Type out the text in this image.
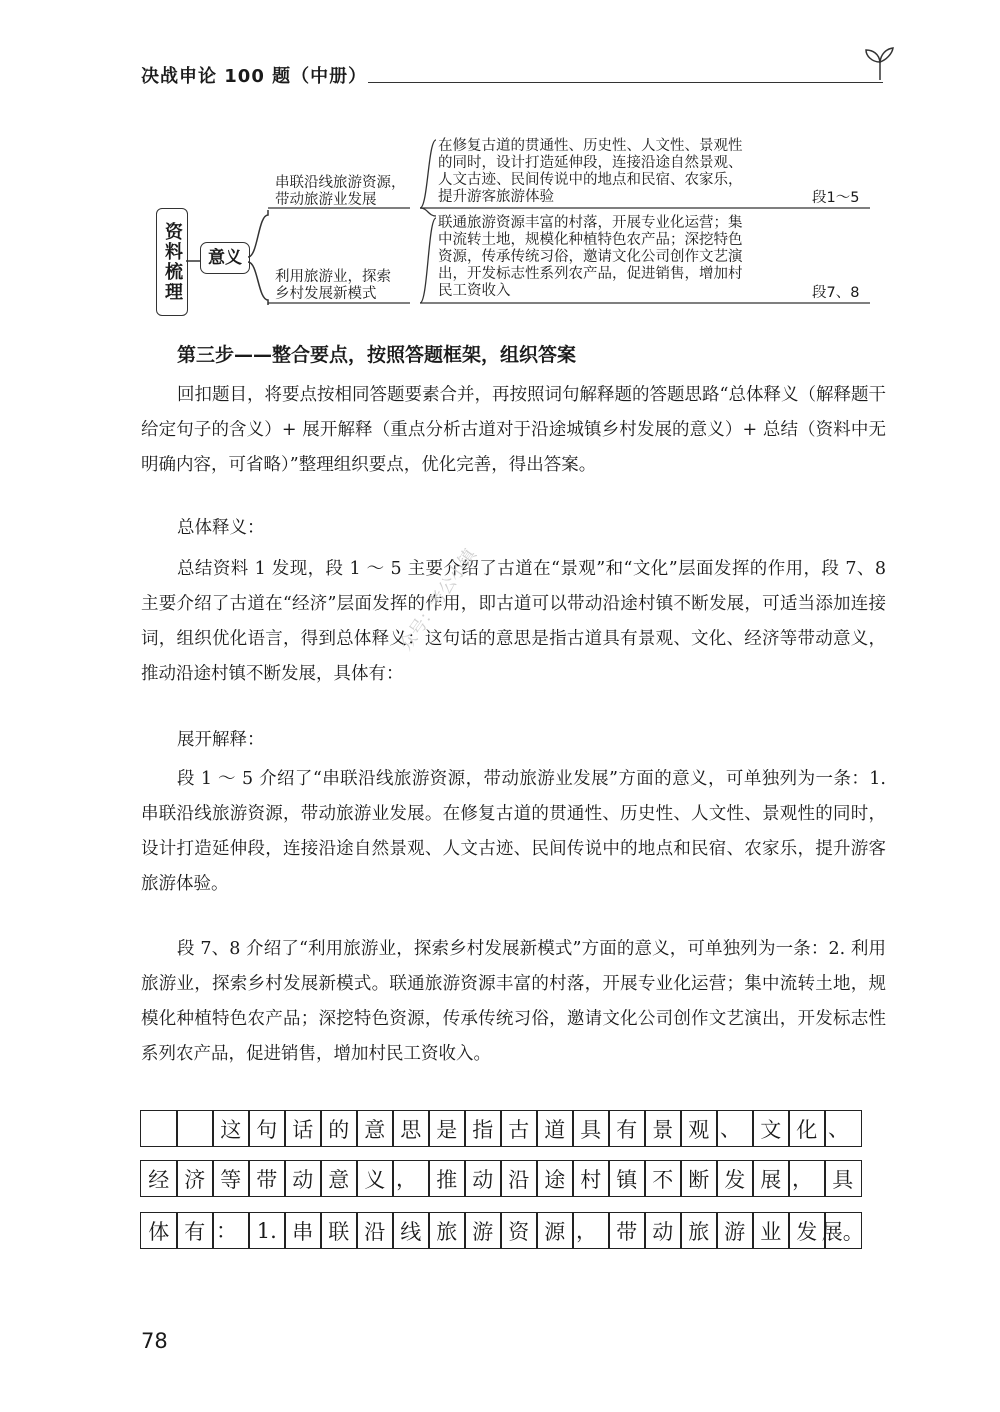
决战申论 100 题（中册）
资料梳理	意义
串联沿线旅游资源，
带动旅游业发展
在修复古道的贯通性、历史性、人文性、景观性
的同时，设计打造延伸段，连接沿途自然景观、
人文古迹、民间传说中的地点和民宿、农家乐，
提升游客旅游体验	段1～5
利用旅游业，探索
乡村发展新模式
联通旅游资源丰富的村落，开展专业化运营；集
中流转土地，规模化种植特色农产品；深挖特色
资源，传承传统习俗，邀请文化公司创作文艺演
出，开发标志性系列农产品，促进销售，增加村
民工资收入	段7、8
第三步——整合要点，按照答题框架，组织答案
回扣题目，将要点按相同答题要素合并，再按照词句解释题的答题思路“总体释义（解释题干给定句子的含义）+ 展开解释（重点分析古道对于沿途城镇乡村发展的意义）+ 总结（资料中无明确内容，可省略）”整理组织要点，优化完善，得出答案。
总体释义：
总结资料 1 发现，段 1 ～ 5 主要介绍了古道在“景观”和“文化”层面发挥的作用，段 7、8 主要介绍了古道在“经济”层面发挥的作用，即古道可以带动沿途村镇不断发展，可适当添加连接词，组织优化语言，得到总体释义：这句话的意思是指古道具有景观、文化、经济等带动意义，推动沿途村镇不断发展，具体有：
展开解释：
段 1 ～ 5 介绍了“串联沿线旅游资源，带动旅游业发展”方面的意义，可单独列为一条：1. 串联沿线旅游资源，带动旅游业发展。在修复古道的贯通性、历史性、人文性、景观性的同时，设计打造延伸段，连接沿途自然景观、人文古迹、民间传说中的地点和民宿、农家乐，提升游客旅游体验。
段 7、8 介绍了“利用旅游业，探索乡村发展新模式”方面的意义，可单独列为一条：2. 利用旅游业，探索乡村发展新模式。联通旅游资源丰富的村落，开展专业化运营；集中流转土地，规模化种植特色农产品；深挖特色资源，传承传统习俗，邀请文化公司创作文艺演出，开发标志性系列农产品，促进销售，增加村民工资收入。
众号：考公小镇
这 句 话 的 意 思 是 指 古 道 具 有 景 观 、 文 化 、
经 济 等 带 动 意 义 ， 推 动 沿 途 村 镇 不 断 发 展 ， 具
体 有 ： 1. 串 联 沿 线 旅 游 资 源 ， 带 动 旅 游 业 发 展。
78
